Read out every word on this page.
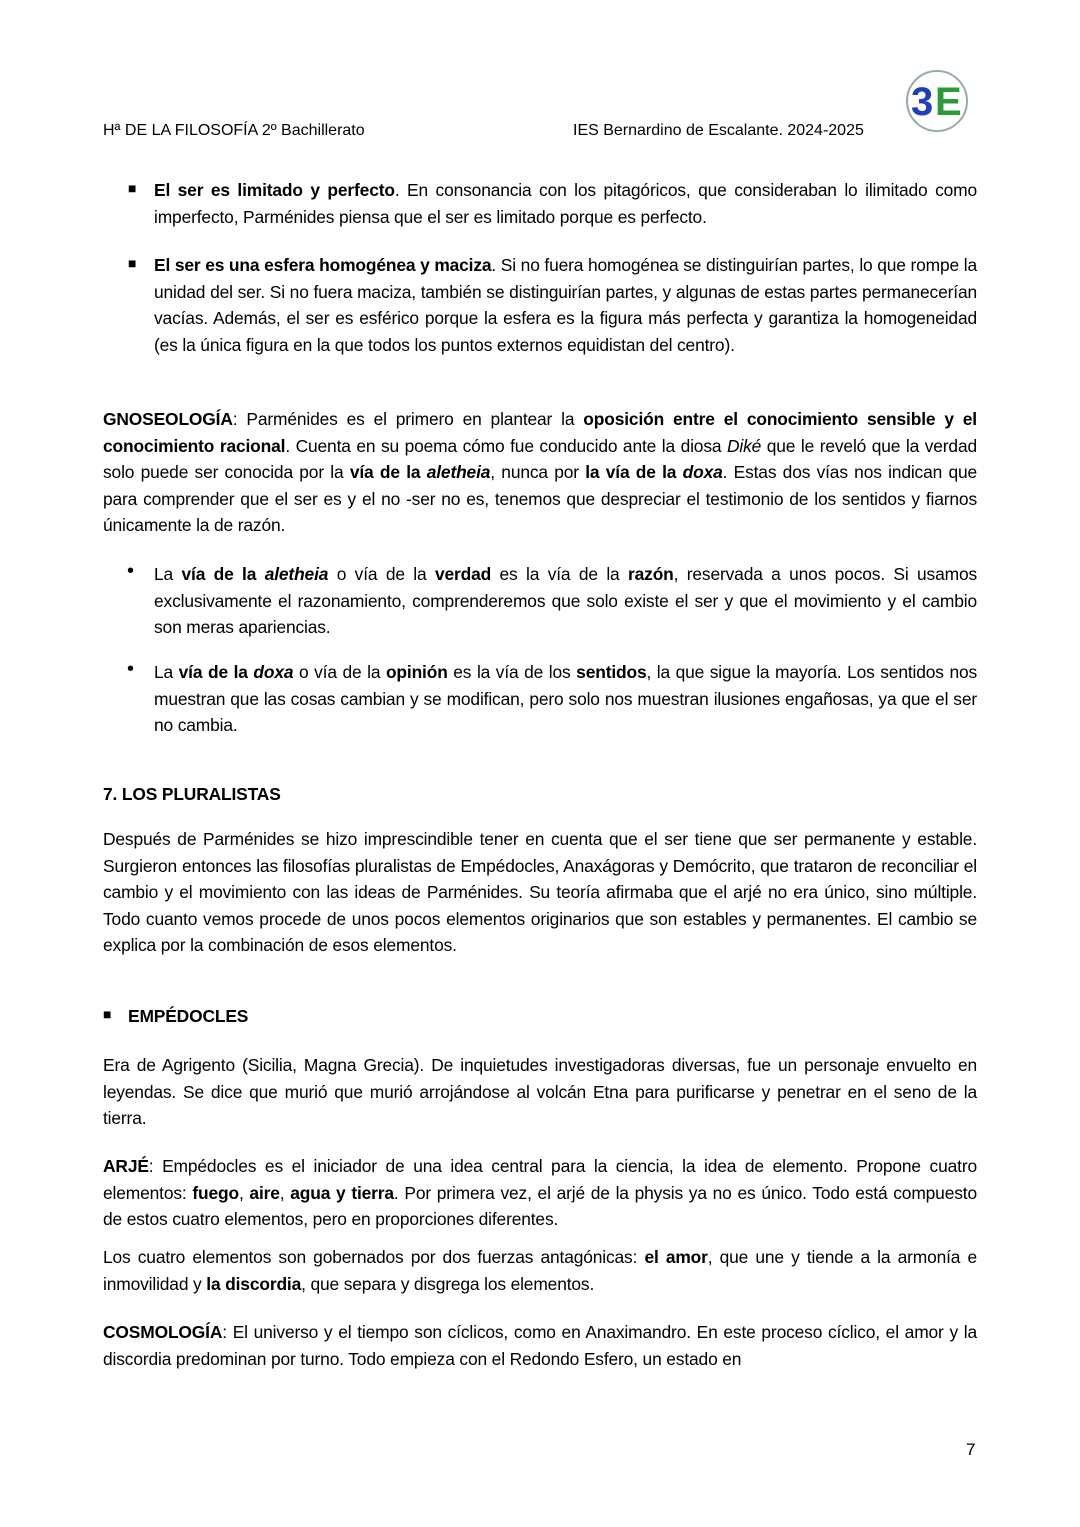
Hª DE LA FILOSOFÍA 2º Bachillerato	IES Bernardino de Escalante. 2024-2025
3 E
■ El ser es limitado y perfecto. En consonancia con los pitagóricos, que consideraban lo ilimitado como imperfecto, Parménides piensa que el ser es limitado porque es perfecto.
■ El ser es una esfera homogénea y maciza. Si no fuera homogénea se distinguirían partes, lo que rompe la unidad del ser. Si no fuera maciza, también se distinguirían partes, y algunas de estas partes permanecerían vacías. Además, el ser es esférico porque la esfera es la figura más perfecta y garantiza la homogeneidad (es la única figura en la que todos los puntos externos equidistan del centro).
GNOSEOLOGÍA: Parménides es el primero en plantear la oposición entre el conocimiento sensible y el conocimiento racional. Cuenta en su poema cómo fue conducido ante la diosa Diké que le reveló que la verdad solo puede ser conocida por la vía de la aletheia, nunca por la vía de la doxa. Estas dos vías nos indican que para comprender que el ser es y el no -ser no es, tenemos que despreciar el testimonio de los sentidos y fiarnos únicamente la de razón.
• La vía de la aletheia o vía de la verdad es la vía de la razón, reservada a unos pocos. Si usamos exclusivamente el razonamiento, comprenderemos que solo existe el ser y que el movimiento y el cambio son meras apariencias.
• La vía de la doxa o vía de la opinión es la vía de los sentidos, la que sigue la mayoría. Los sentidos nos muestran que las cosas cambian y se modifican, pero solo nos muestran ilusiones engañosas, ya que el ser no cambia.
7. LOS PLURALISTAS
Después de Parménides se hizo imprescindible tener en cuenta que el ser tiene que ser permanente y estable. Surgieron entonces las filosofías pluralistas de Empédocles, Anaxágoras y Demócrito, que trataron de reconciliar el cambio y el movimiento con las ideas de Parménides. Su teoría afirmaba que el arjé no era único, sino múltiple. Todo cuanto vemos procede de unos pocos elementos originarios que son estables y permanentes. El cambio se explica por la combinación de esos elementos.
■ EMPÉDOCLES
Era de Agrigento (Sicilia, Magna Grecia). De inquietudes investigadoras diversas, fue un personaje envuelto en leyendas. Se dice que murió que murió arrojándose al volcán Etna para purificarse y penetrar en el seno de la tierra.
ARJÉ: Empédocles es el iniciador de una idea central para la ciencia, la idea de elemento. Propone cuatro elementos: fuego, aire, agua y tierra. Por primera vez, el arjé de la physis ya no es único. Todo está compuesto de estos cuatro elementos, pero en proporciones diferentes.
Los cuatro elementos son gobernados por dos fuerzas antagónicas: el amor, que une y tiende a la armonía e inmovilidad y la discordia, que separa y disgrega los elementos.
COSMOLOGÍA: El universo y el tiempo son cíclicos, como en Anaximandro. En este proceso cíclico, el amor y la discordia predominan por turno. Todo empieza con el Redondo Esfero, un estado en
7
